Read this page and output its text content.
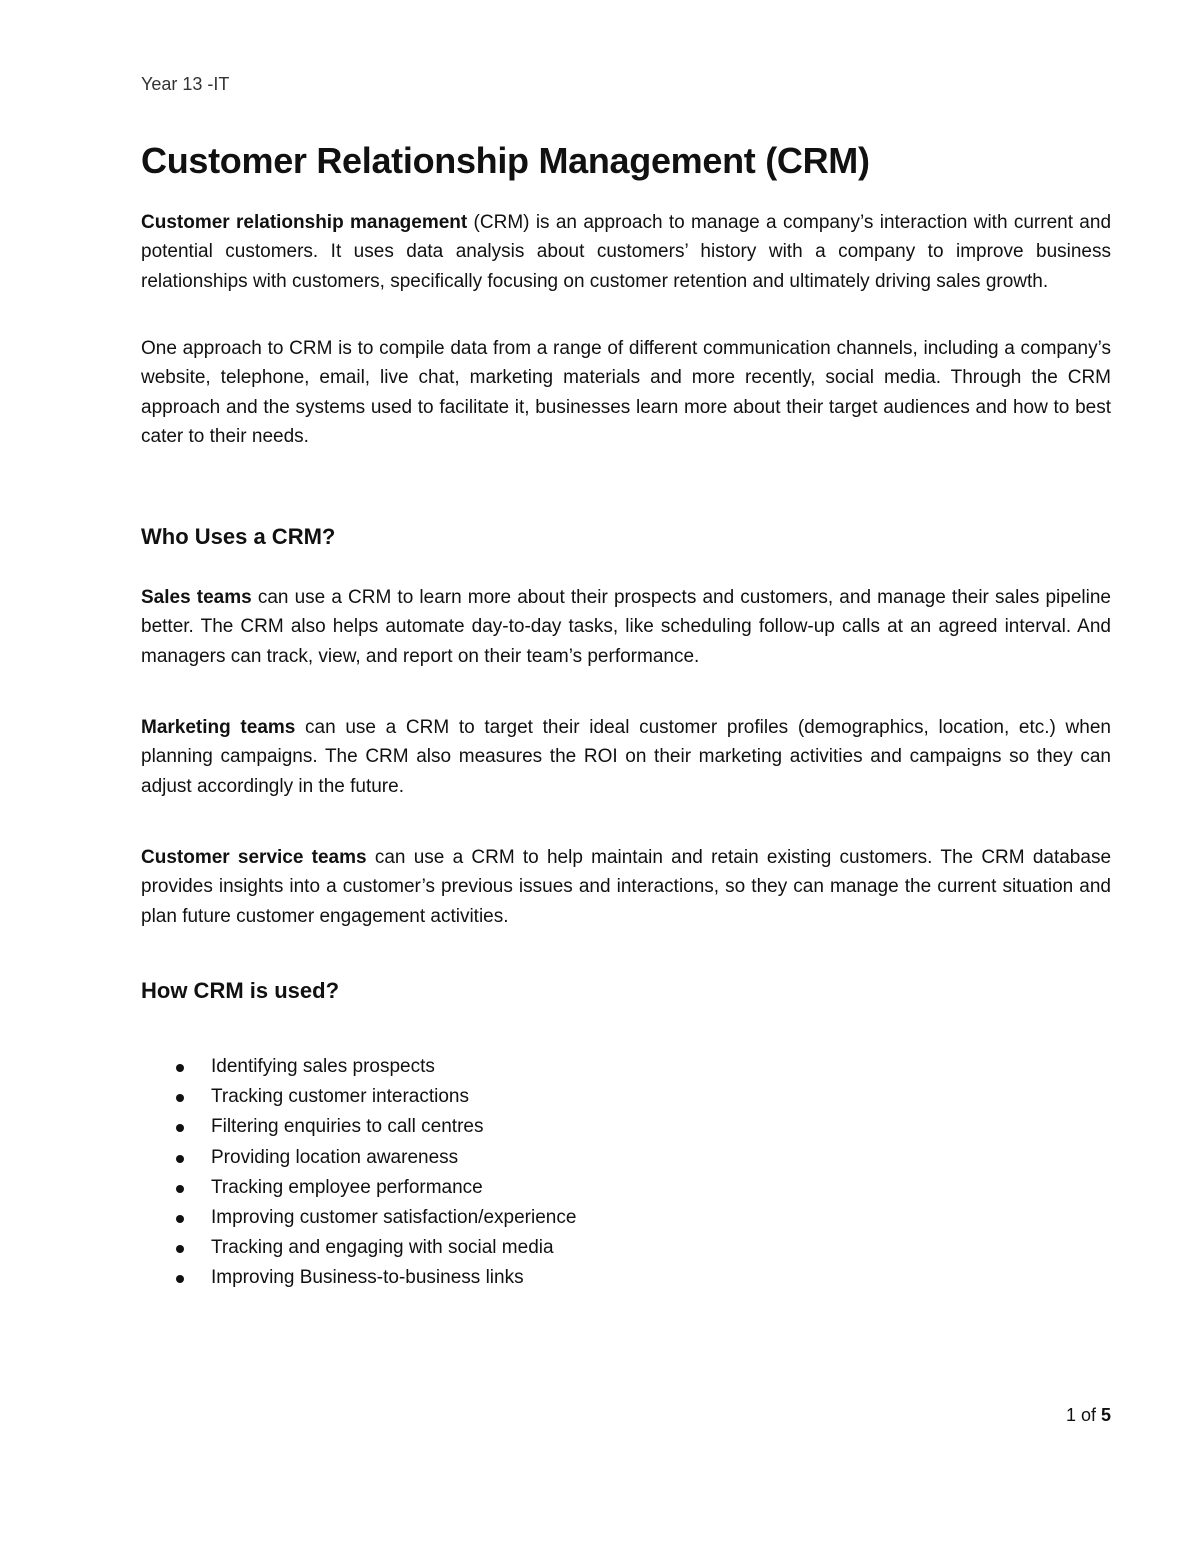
Year 13 -IT
Customer Relationship Management (CRM)

Customer relationship management (CRM) is an approach to manage a company’s interaction with current and potential customers. It uses data analysis about customers’ history with a company to improve business relationships with customers, specifically focusing on customer retention and ultimately driving sales growth.

One approach to CRM is to compile data from a range of different communication channels, including a company’s website, telephone, email, live chat, marketing materials and more recently, social media. Through the CRM approach and the systems used to facilitate it, businesses learn more about their target audiences and how to best cater to their needs.

Who Uses a CRM?

Sales teams can use a CRM to learn more about their prospects and customers, and manage their sales pipeline better. The CRM also helps automate day-to-day tasks, like scheduling follow-up calls at an agreed interval. And managers can track, view, and report on their team’s performance.

Marketing teams can use a CRM to target their ideal customer profiles (demographics, location, etc.) when planning campaigns. The CRM also measures the ROI on their marketing activities and campaigns so they can adjust accordingly in the future.

Customer service teams can use a CRM to help maintain and retain existing customers. The CRM database provides insights into a customer’s previous issues and interactions, so they can manage the current situation and plan future customer engagement activities.

How CRM is used?
Identifying sales prospects
Tracking customer interactions
Filtering enquiries to call centres
Providing location awareness
Tracking employee performance
Improving customer satisfaction/experience
Tracking and engaging with social media
Improving Business-to-business links
1 of 5
